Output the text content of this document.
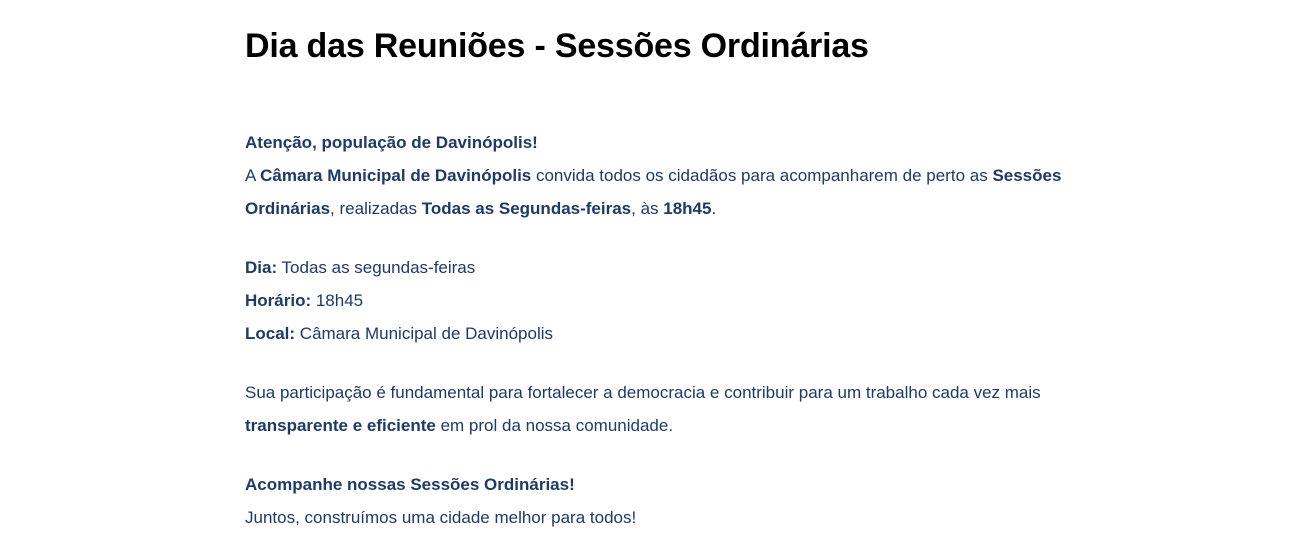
Dia das Reuniões - Sessões Ordinárias

Atenção, população de Davinópolis!

A Câmara Municipal de Davinópolis convida todos os cidadãos para acompanharem de perto as Sessões Ordinárias, realizadas Todas as Segundas-feiras, às 18h45.

Dia: Todas as segundas-feiras

Horário: 18h45

Local: Câmara Municipal de Davinópolis

Sua participação é fundamental para fortalecer a democracia e contribuir para um trabalho cada vez mais transparente e eficiente em prol da nossa comunidade.

Acompanhe nossas Sessões Ordinárias!

Juntos, construímos uma cidade melhor para todos!
